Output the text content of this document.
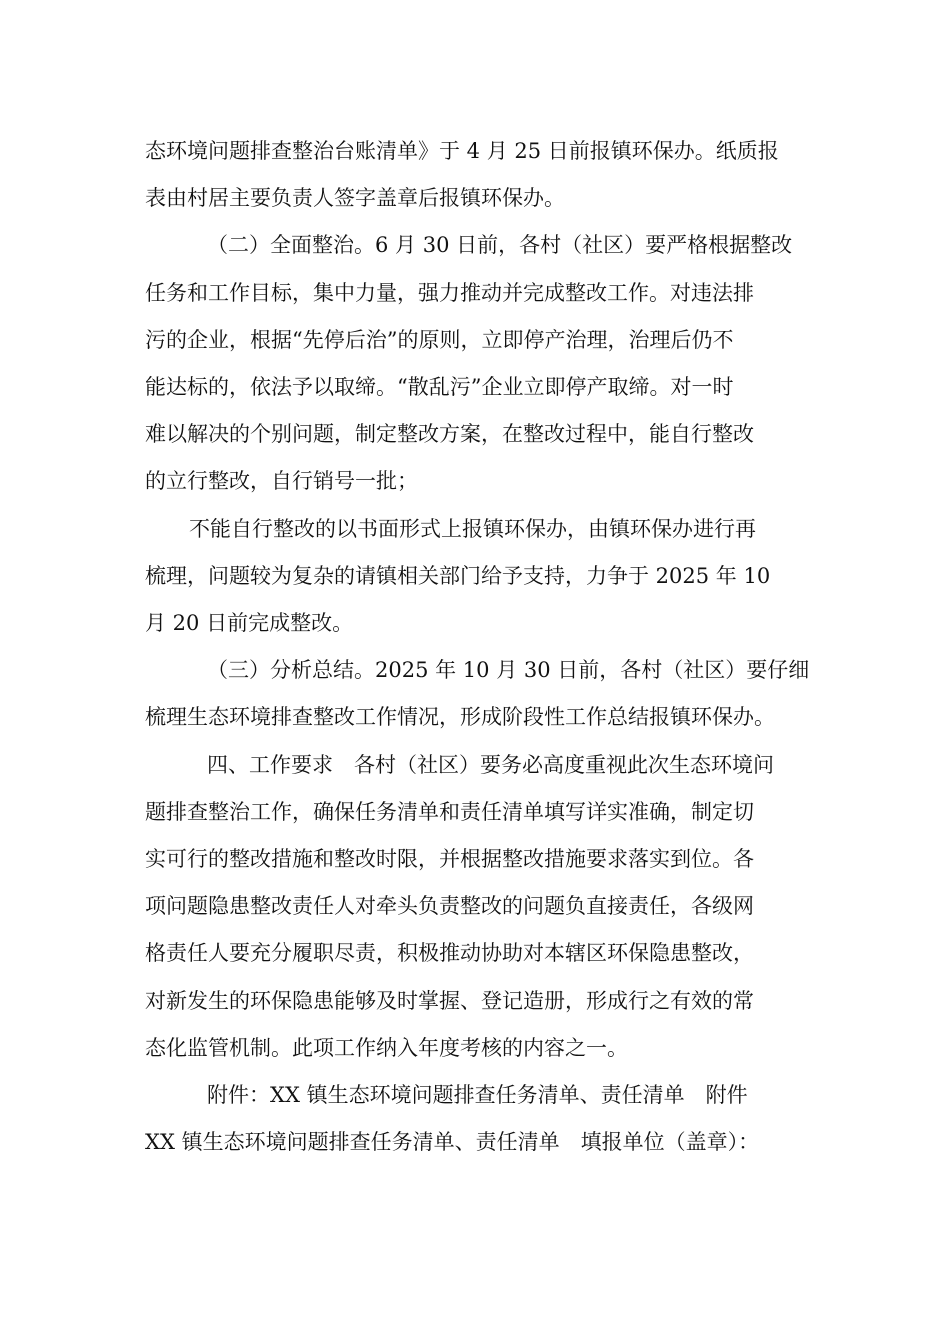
态环境问题排查整治台账清单》于 4 月 25 日前报镇环保办。纸质报
表由村居主要负责人签字盖章后报镇环保办。

（二）全面整治。6 月 30 日前，各村（社区）要严格根据整改
任务和工作目标，集中力量，强力推动并完成整改工作。对违法排
污的企业，根据“先停后治”的原则，立即停产治理，治理后仍不
能达标的，依法予以取缔。“散乱污”企业立即停产取缔。对一时
难以解决的个别问题，制定整改方案，在整改过程中，能自行整改
的立行整改，自行销号一批；

不能自行整改的以书面形式上报镇环保办，由镇环保办进行再
梳理，问题较为复杂的请镇相关部门给予支持，力争于 2025 年 10
月 20 日前完成整改。

（三）分析总结。2025 年 10 月 30 日前，各村（社区）要仔细
梳理生态环境排查整改工作情况，形成阶段性工作总结报镇环保办。

四、工作要求　各村（社区）要务必高度重视此次生态环境问
题排查整治工作，确保任务清单和责任清单填写详实准确，制定切
实可行的整改措施和整改时限，并根据整改措施要求落实到位。各
项问题隐患整改责任人对牵头负责整改的问题负直接责任，各级网
格责任人要充分履职尽责，积极推动协助对本辖区环保隐患整改，
对新发生的环保隐患能够及时掌握、登记造册，形成行之有效的常
态化监管机制。此项工作纳入年度考核的内容之一。

附件：XX 镇生态环境问题排查任务清单、责任清单　附件
XX 镇生态环境问题排查任务清单、责任清单　填报单位（盖章）：
